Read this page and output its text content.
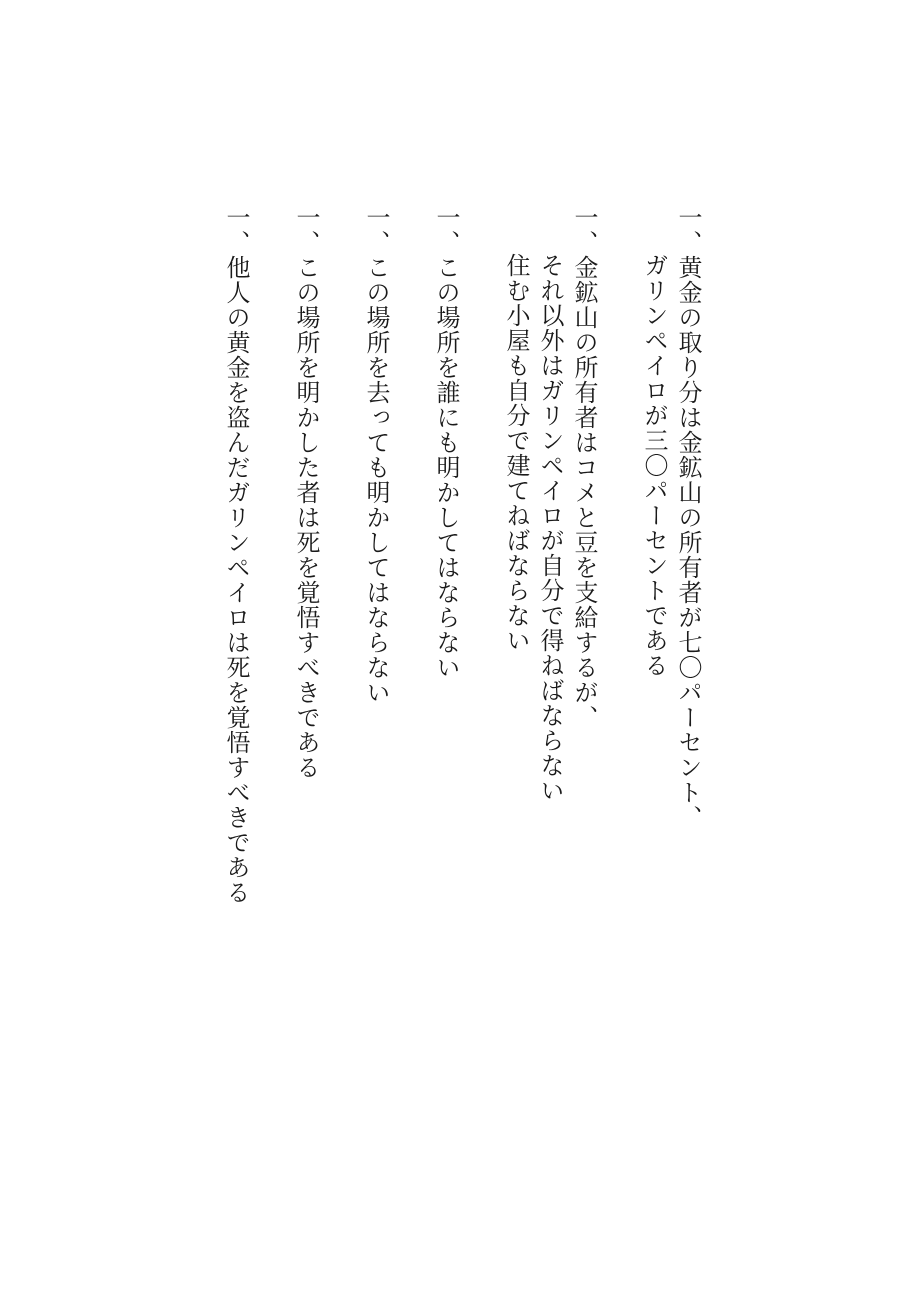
一、黄金の取り分は金鉱山の所有者が七〇パーセント、
ガリンペイロが三〇パーセントである
一、金鉱山の所有者はコメと豆を支給するが、
それ以外はガリンペイロが自分で得ねばならない
住む小屋も自分で建てねばならない
一、この場所を誰にも明かしてはならない
一、この場所を去っても明かしてはならない
一、この場所を明かした者は死を覚悟すべきである
一、他人の黄金を盗んだガリンペイロは死を覚悟すべきである
